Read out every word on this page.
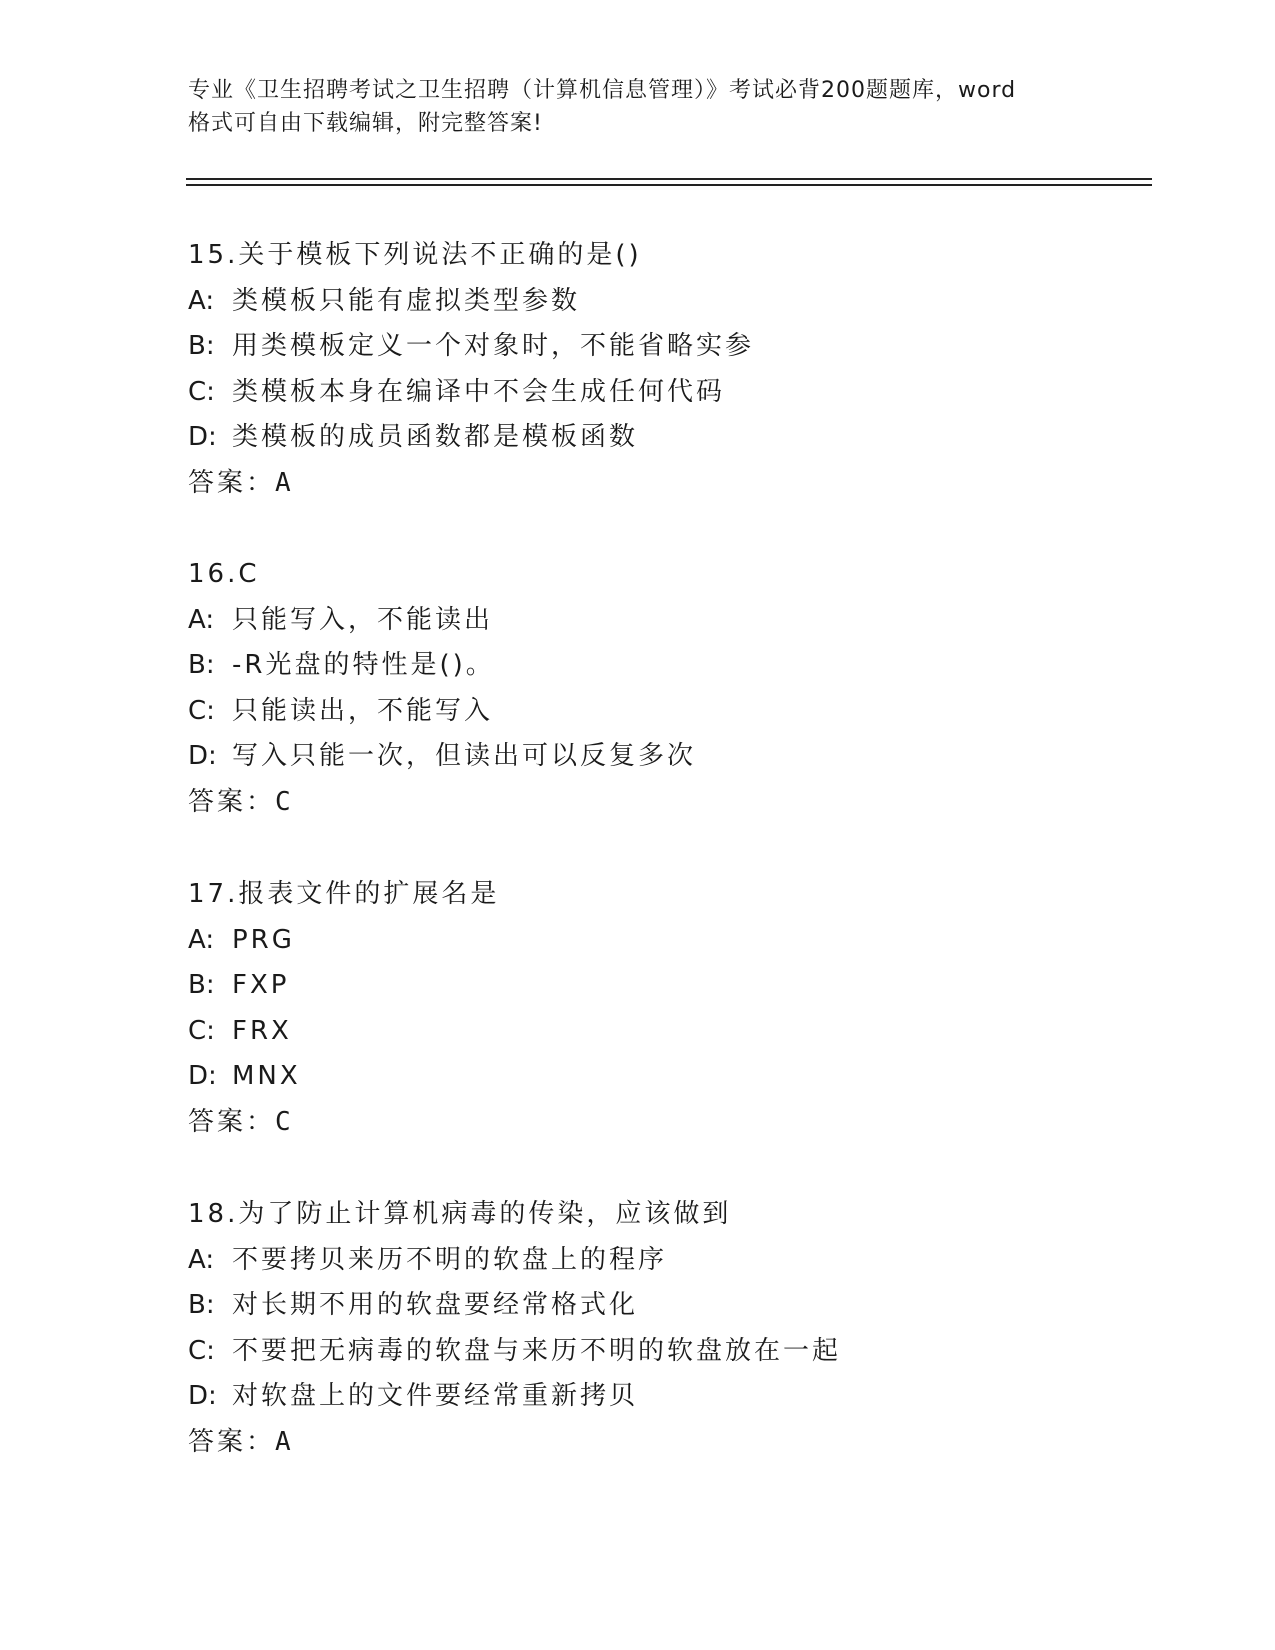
专业《卫生招聘考试之卫生招聘（计算机信息管理）》考试必背200题题库，word
格式可自由下载编辑，附完整答案!
15.关于模板下列说法不正确的是()
A: 类模板只能有虚拟类型参数
B: 用类模板定义一个对象时，不能省略实参
C: 类模板本身在编译中不会生成任何代码
D: 类模板的成员函数都是模板函数
答案：A
16.C
A: 只能写入，不能读出
B: -R光盘的特性是()。
C: 只能读出，不能写入
D: 写入只能一次，但读出可以反复多次
答案：C
17.报表文件的扩展名是
A: PRG
B: FXP
C: FRX
D: MNX
答案：C
18.为了防止计算机病毒的传染，应该做到
A: 不要拷贝来历不明的软盘上的程序
B: 对长期不用的软盘要经常格式化
C: 不要把无病毒的软盘与来历不明的软盘放在一起
D: 对软盘上的文件要经常重新拷贝
答案：A
